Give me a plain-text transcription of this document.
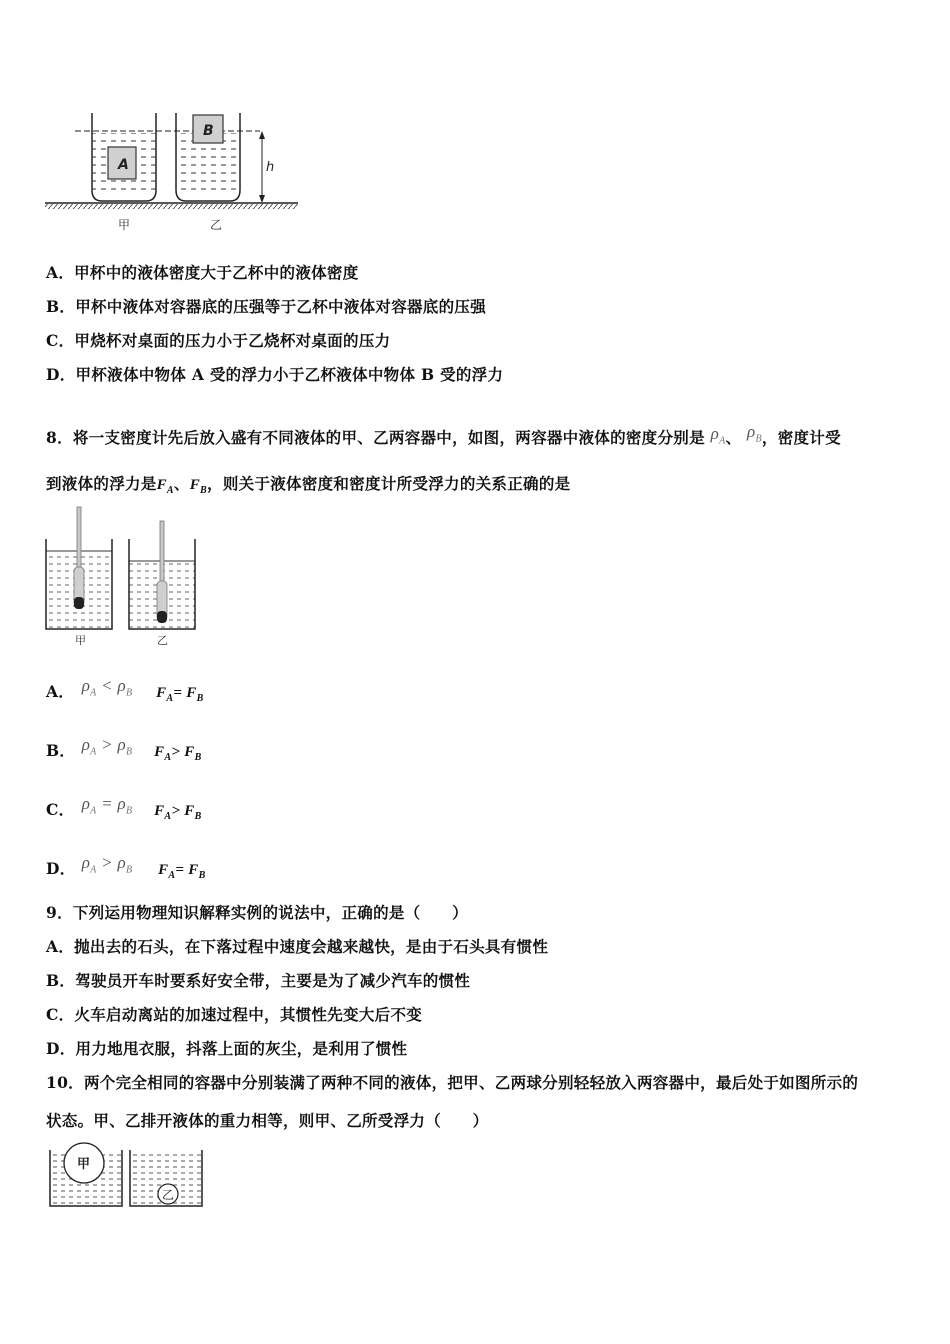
A
B
h
甲	乙
A．甲杯中的液体密度大于乙杯中的液体密度
B．甲杯中液体对容器底的压强等于乙杯中液体对容器底的压强
C．甲烧杯对桌面的压力小于乙烧杯对桌面的压力
D．甲杯液体中物体 A 受的浮力小于乙杯液体中物体 B 受的浮力
8．将一支密度计先后放入盛有不同液体的甲、乙两容器中，如图，两容器中液体的密度分别是 $\rho_A$、 $\rho_B$，密度计受
到液体的浮力是$F_A$、$F_B$，则关于液体密度和密度计所受浮力的关系正确的是
甲	乙
A． $\rho_A < \rho_B$ $F_A= F_B$
B． $\rho_A > \rho_B$ $F_A> F_B$
C． $\rho_A = \rho_B$ $F_A> F_B$
D． $\rho_A > \rho_B$ $F_A= F_B$
9．下列运用物理知识解释实例的说法中，正确的是（　　）
A．抛出去的石头，在下落过程中速度会越来越快，是由于石头具有惯性
B．驾驶员开车时要系好安全带，主要是为了减少汽车的惯性
C．火车启动离站的加速过程中，其惯性先变大后不变
D．用力地甩衣服，抖落上面的灰尘，是利用了惯性
10．两个完全相同的容器中分别装满了两种不同的液体，把甲、乙两球分别轻轻放入两容器中，最后处于如图所示的
状态。甲、乙排开液体的重力相等，则甲、乙所受浮力（　　）
甲
乙
